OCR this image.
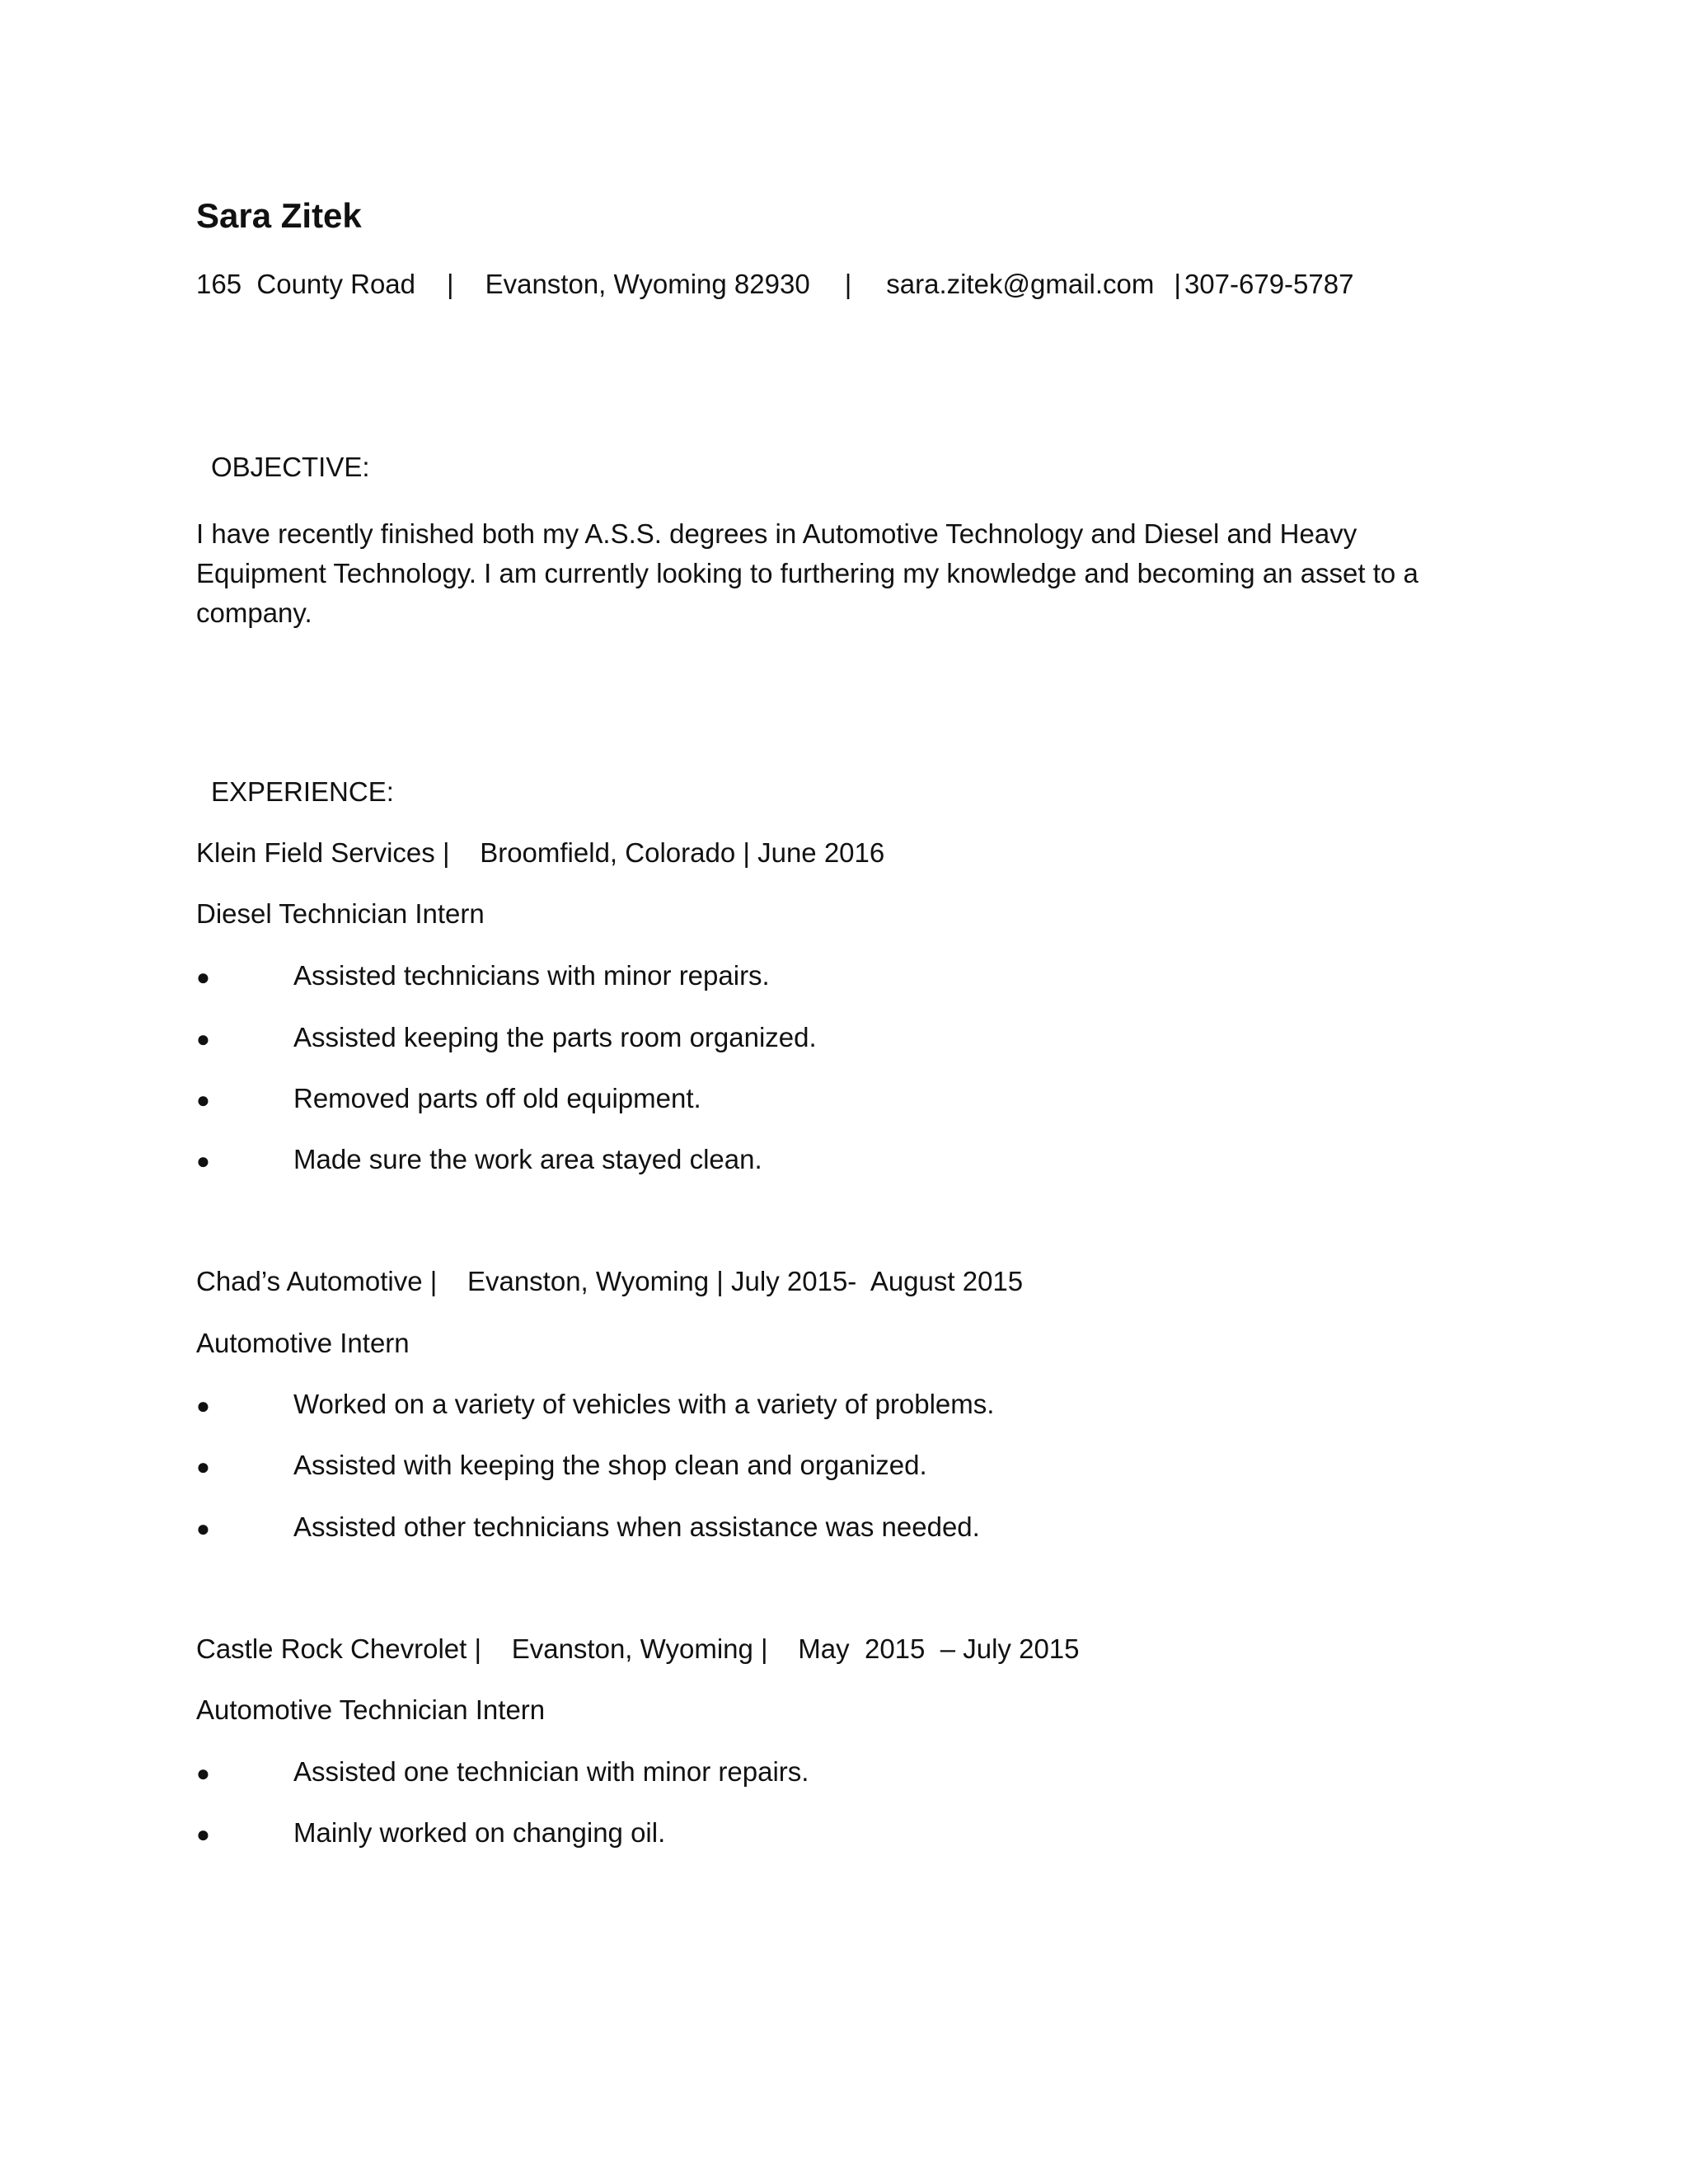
Sara Zitek
165  County Road | Evanston, Wyoming 82930 | sara.zitek@gmail.com | 307-679-5787
OBJECTIVE:
I have recently finished both my A.S.S. degrees in Automotive Technology and Diesel and Heavy Equipment Technology. I am currently looking to furthering my knowledge and becoming an asset to a company.
EXPERIENCE:
Klein Field Services |    Broomfield, Colorado | June 2016
Diesel Technician Intern
●	Assisted technicians with minor repairs.
●	Assisted keeping the parts room organized.
●	Removed parts off old equipment.
●	Made sure the work area stayed clean.
Chad’s Automotive |    Evanston, Wyoming | July 2015-  August 2015
Automotive Intern
●	Worked on a variety of vehicles with a variety of problems.
●	Assisted with keeping the shop clean and organized.
●	Assisted other technicians when assistance was needed.
Castle Rock Chevrolet |    Evanston, Wyoming |    May  2015  – July 2015
Automotive Technician Intern
●	Assisted one technician with minor repairs.
●	Mainly worked on changing oil.
